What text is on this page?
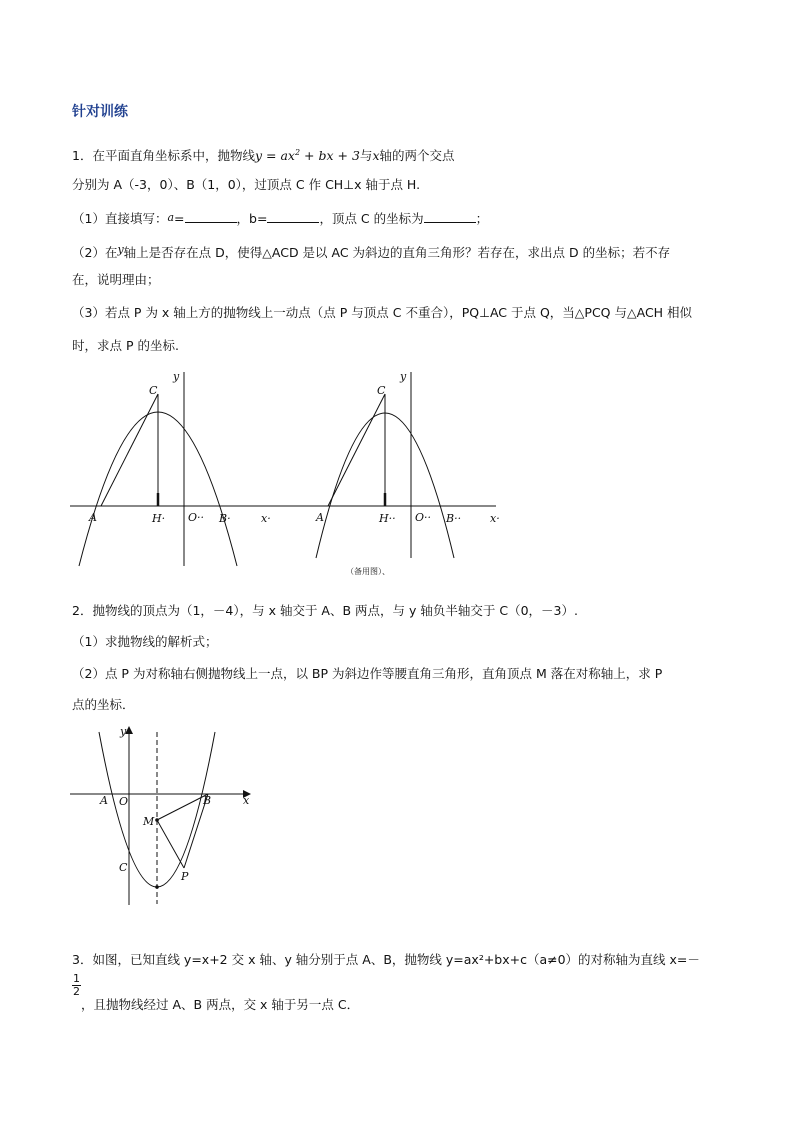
针对训练
1．在平面直角坐标系中，抛物线$y = ax^2$ + bx + 3与x轴的两个交点
分别为 A（-3，0）、B（1，0），过顶点 C 作 CH⊥x 轴于点 H.
（1）直接填写：a=	，b=	，顶点 C 的坐标为	；
（2）在y轴上是否存在点 D，使得△ACD 是以 AC 为斜边的直角三角形？若存在，求出点 D 的坐标；若不存
在，说明理由；
（3）若点 P 为 x 轴上方的抛物线上一动点（点 P 与顶点 C 不重合），PQ⊥AC 于点 Q，当△PCQ 与△ACH 相似
时，求点 P 的坐标.
C
y
A	H· O·· B·	x·
C
y
A	H·· O·· B··	x·
（备用图）、
2．抛物线的顶点为（1，－4），与 x 轴交于 A、B 两点，与 y 轴负半轴交于 C（0，－3）.
（1）求抛物线的解析式；
（2）点 P 为对称轴右侧抛物线上一点，以 BP 为斜边作等腰直角三角形，直角顶点 M 落在对称轴上，求 P
点的坐标．
y
A O	B	x
M
C
P
3．如图，已知直线 y=x+2 交 x 轴、y 轴分别于点 A、B，抛物线 y=ax²+bx+c（a≠0）的对称轴为直线 x=－
$\frac{1}{2}$
，且抛物线经过 A、B 两点，交 x 轴于另一点 C．
